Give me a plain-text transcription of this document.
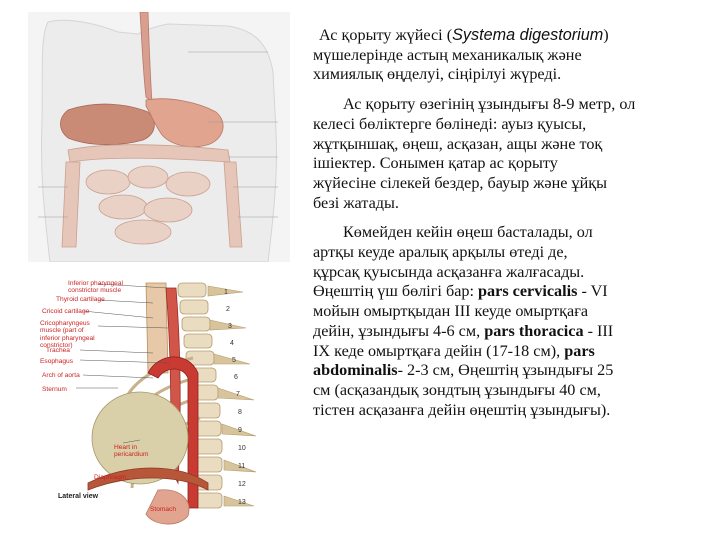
1
2
3
4
5
6
7
8
9
10
11
12
13
Inferior pharyngeal constrictor muscle
Thyroid cartilage
Cricoid cartilage
Cricopharyngeus muscle (part of inferior pharyngeal constrictor)
Trachea
Esophagus
Arch of aorta
Sternum
Heart in pericardium
Diaphragm
Stomach
Lateral view
Ас қорыту жүйесі (Systema digestorium)
мүшелерінде астың механикалық және
химиялық өңделуі, сіңірілуі жүреді.
Ас қорыту өзегінің ұзындығы 8-9 метр, ол
келесі бөліктерге бөлінеді: ауыз қуысы,
жұтқыншақ, өңеш, асқазан, ащы және тоқ
ішіектер. Сонымен қатар ас қорыту
жүйесіне сілекей бездер, бауыр және ұйқы
безі жатады.
Көмейден кейін өңеш басталады, ол
артқы кеуде аралық арқылы өтеді де,
құрсақ қуысында асқазанға жалғасады.
Өңештің үш бөлігі бар: pars cervicalis - VI
мойын омыртқыдан III кеуде омыртқаға
дейін, ұзындығы 4-6 см, pars thoracica - III
IX кеде омыртқаға дейін (17-18 см), pars
abdominalis- 2-3 см, Өңештің ұзындығы 25
см (асқазандық зондтың ұзындығы 40 см,
тістен асқазанға дейін өңештің ұзындығы).
